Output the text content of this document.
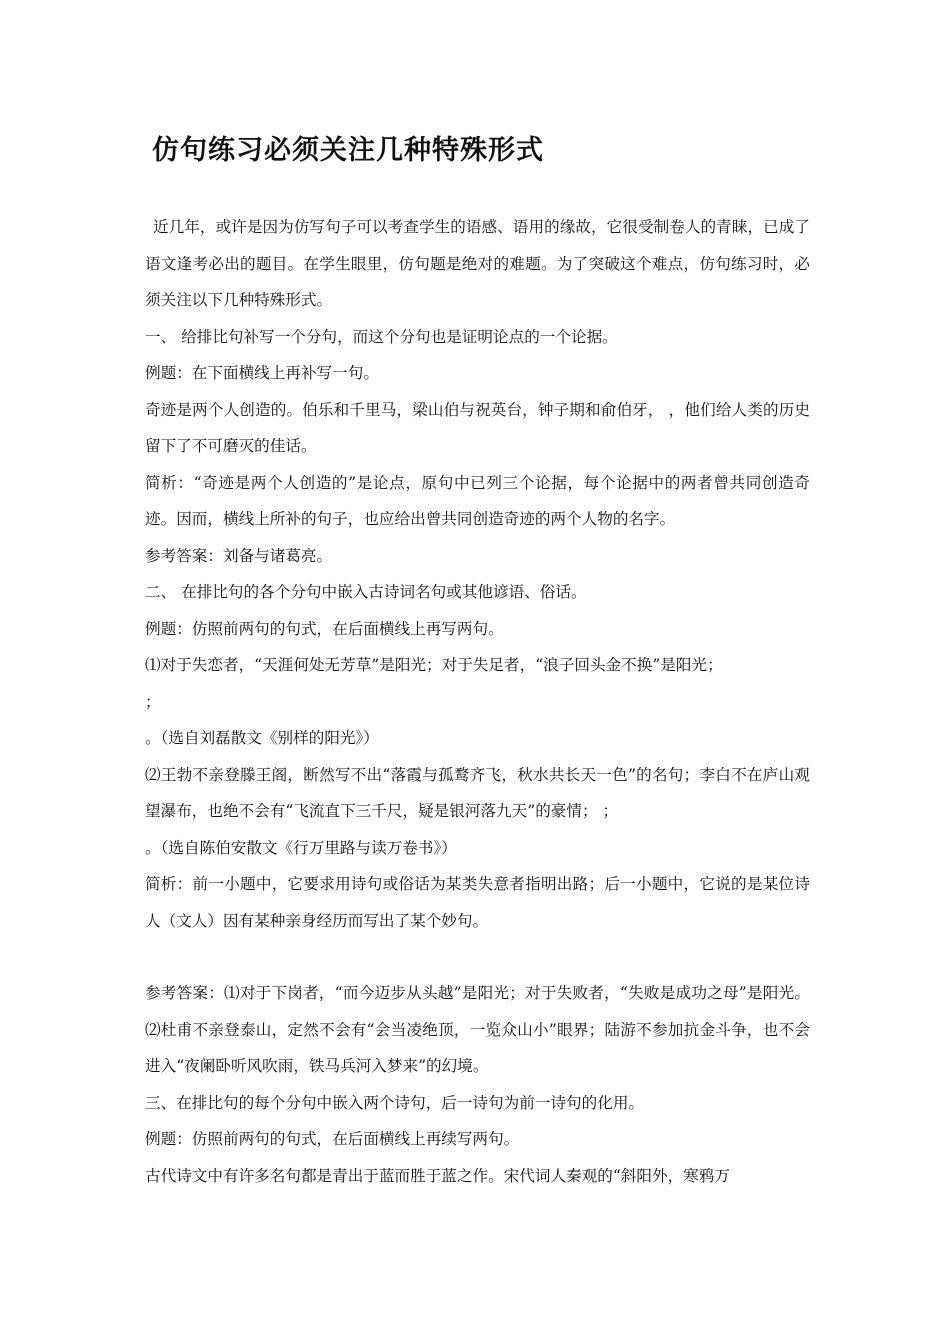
仿句练习必须关注几种特殊形式

近几年，或许是因为仿写句子可以考查学生的语感、语用的缘故，它很受制卷人的青睐，已成了语文逢考必出的题目。在学生眼里，仿句题是绝对的难题。为了突破这个难点，仿句练习时，必须关注以下几种特殊形式。

一、 给排比句补写一个分句，而这个分句也是证明论点的一个论据。

例题：在下面横线上再补写一句。

奇迹是两个人创造的。伯乐和千里马，梁山伯与祝英台，钟子期和俞伯牙， ，他们给人类的历史留下了不可磨灭的佳话。

简析：“奇迹是两个人创造的”是论点，原句中已列三个论据，每个论据中的两者曾共同创造奇迹。因而，横线上所补的句子，也应给出曾共同创造奇迹的两个人物的名字。

参考答案：刘备与诸葛亮。

二、 在排比句的各个分句中嵌入古诗词名句或其他谚语、俗话。

例题：仿照前两句的句式，在后面横线上再写两句。

⑴对于失恋者，“天涯何处无芳草”是阳光；对于失足者，“浪子回头金不换”是阳光；

；

。（选自刘磊散文《别样的阳光》）

⑵王勃不亲登滕王阁，断然写不出“落霞与孤鹜齐飞，秋水共长天一色”的名句；李白不在庐山观望瀑布，也绝不会有“飞流直下三千尺，疑是银河落九天”的豪情； ；

。（选自陈伯安散文《行万里路与读万卷书》）

简析：前一小题中，它要求用诗句或俗话为某类失意者指明出路；后一小题中，它说的是某位诗人（文人）因有某种亲身经历而写出了某个妙句。

参考答案：⑴对于下岗者，“而今迈步从头越”是阳光；对于失败者，“失败是成功之母”是阳光。⑵杜甫不亲登泰山，定然不会有“会当凌绝顶，一览众山小”眼界；陆游不参加抗金斗争，也不会进入“夜阑卧听风吹雨，铁马兵河入梦来”的幻境。

三、在排比句的每个分句中嵌入两个诗句，后一诗句为前一诗句的化用。

例题：仿照前两句的句式，在后面横线上再续写两句。

古代诗文中有许多名句都是青出于蓝而胜于蓝之作。宋代词人秦观的“斜阳外，寒鸦万
